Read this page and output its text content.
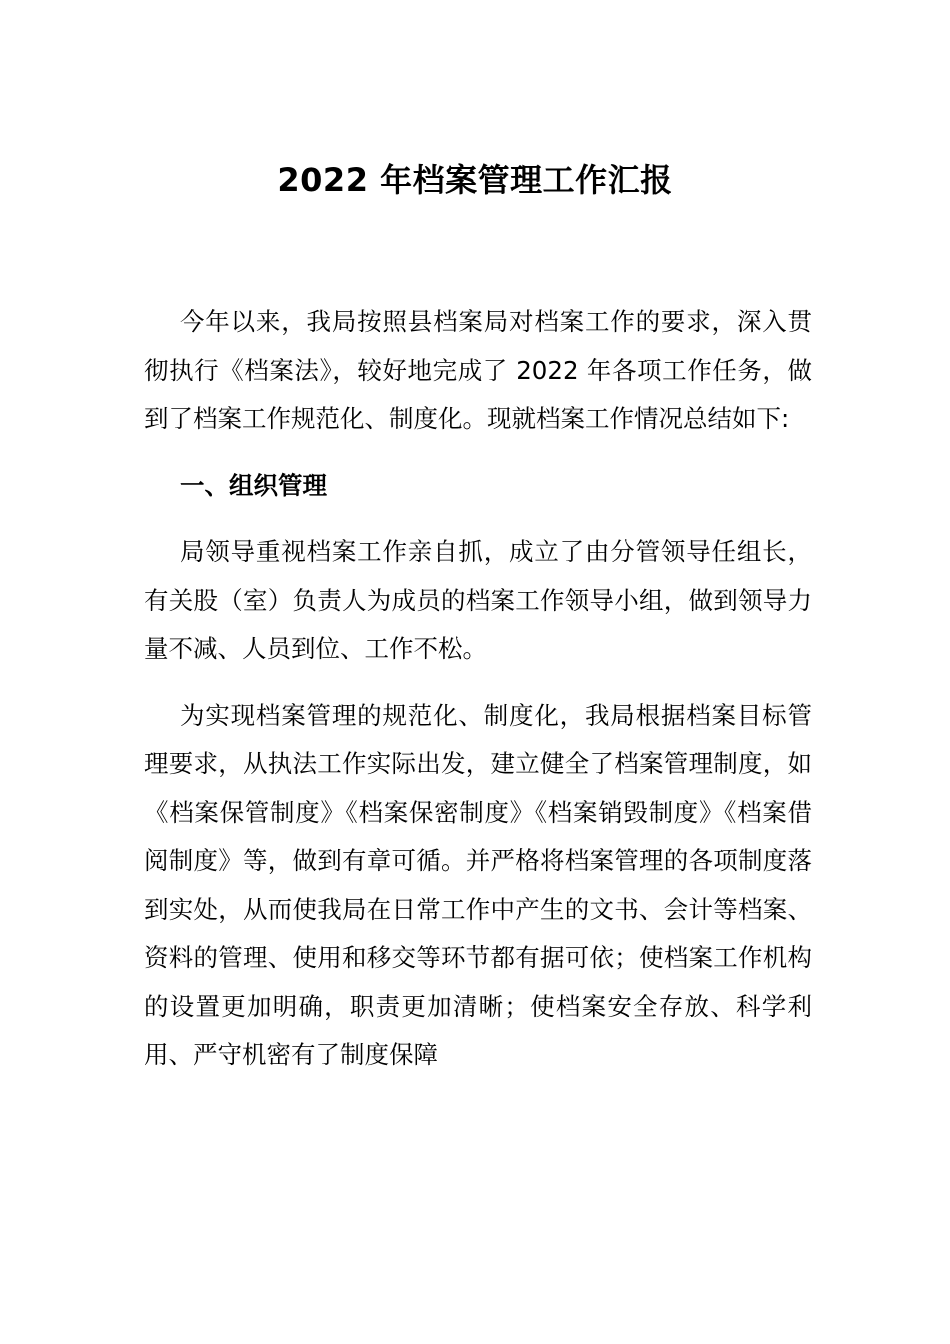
2022 年档案管理工作汇报

今年以来，我局按照县档案局对档案工作的要求，深入贯彻执行《档案法》，较好地完成了 2022 年各项工作任务，做到了档案工作规范化、制度化。现就档案工作情况总结如下:

一、组织管理

局领导重视档案工作亲自抓，成立了由分管领导任组长，有关股（室）负责人为成员的档案工作领导小组，做到领导力量不减、人员到位、工作不松。

为实现档案管理的规范化、制度化，我局根据档案目标管理要求，从执法工作实际出发，建立健全了档案管理制度，如《档案保管制度》《档案保密制度》《档案销毁制度》《档案借阅制度》等，做到有章可循。并严格将档案管理的各项制度落到实处，从而使我局在日常工作中产生的文书、会计等档案、资料的管理、使用和移交等环节都有据可依；使档案工作机构的设置更加明确，职责更加清晰；使档案安全存放、科学利用、严守机密有了制度保障
